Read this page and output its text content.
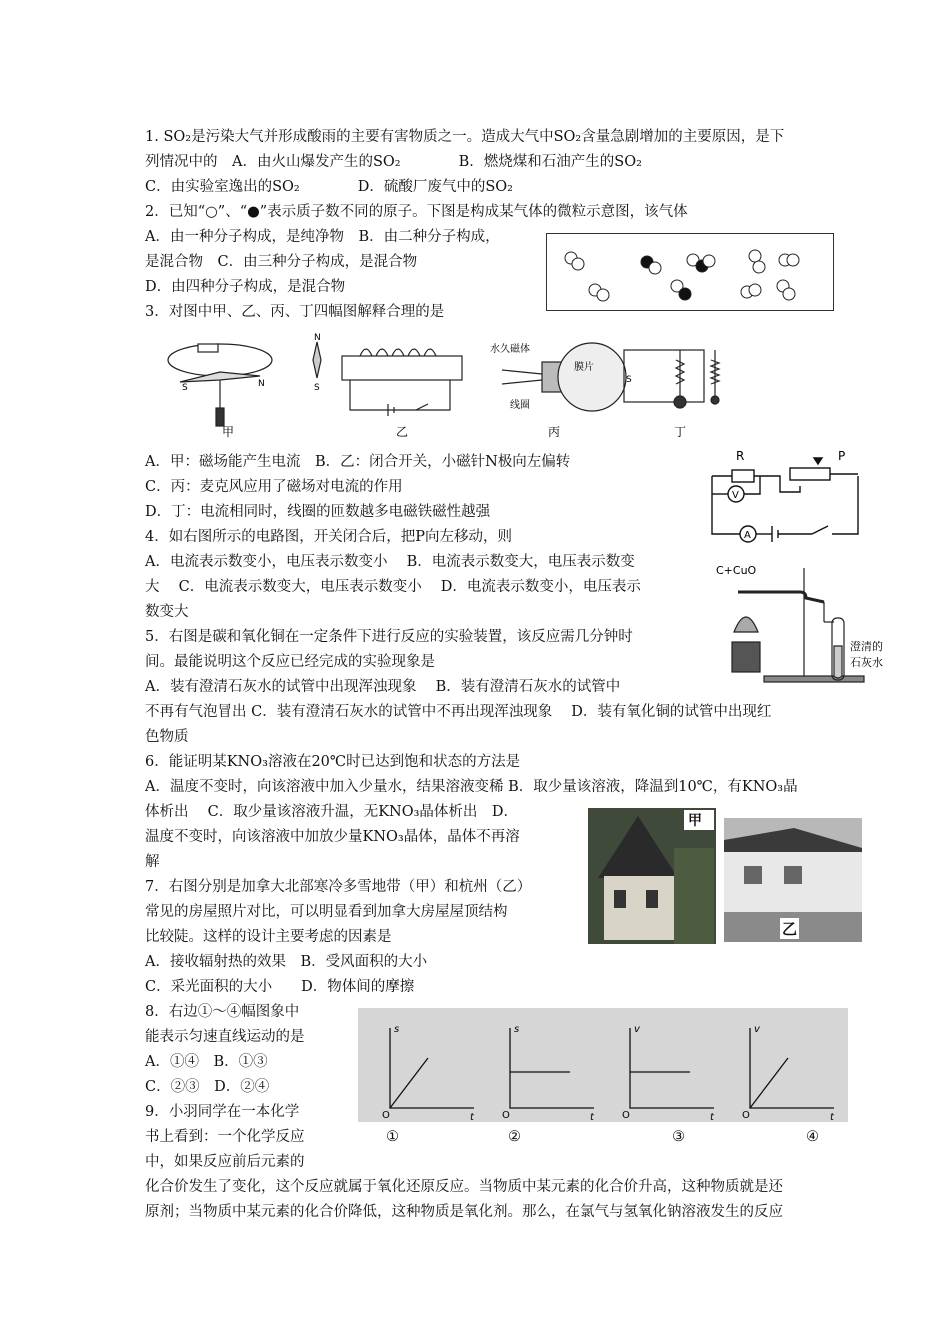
1. SO₂是污染大气并形成酸雨的主要有害物质之一。造成大气中SO₂含量急剧增加的主要原因，是下
列情况中的　A．由火山爆发产生的SO₂　　　　B．燃烧煤和石油产生的SO₂
C．由实验室逸出的SO₂　　　　D．硫酸厂废气中的SO₂
2．已知“○”、“●”表示质子数不同的原子。下图是构成某气体的微粒示意图，该气体
A．由一种分子构成，是纯净物　B．由二种分子构成，
是混合物　C．由三种分子构成，是混合物
D．由四种分子构成，是混合物
3．对图中甲、乙、丙、丁四幅图解释合理的是
S	N
甲
N
S
乙
水久磁体
膜片
线圈
丙
S
丁
A．甲：磁场能产生电流　B．乙：闭合开关，小磁针N极向左偏转
C．丙：麦克风应用了磁场对电流的作用
D．丁：电流相同时，线圈的匝数越多电磁铁磁性越强
R	P
V
A
4．如右图所示的电路图，开关闭合后，把P向左移动，则
A．电流表示数变小，电压表示数变小　 B．电流表示数变大，电压表示数变
大　 C．电流表示数变大，电压表示数变小　 D．电流表示数变小，电压表示
数变大
C+CuO
澄清的
石灰水
5．右图是碳和氧化铜在一定条件下进行反应的实验装置，该反应需几分钟时
间。最能说明这个反应已经完成的实验现象是
A．装有澄清石灰水的试管中出现浑浊现象　 B．装有澄清石灰水的试管中
不再有气泡冒出 C．装有澄清石灰水的试管中不再出现浑浊现象　 D．装有氧化铜的试管中出现红
色物质
6．能证明某KNO₃溶液在20℃时已达到饱和状态的方法是
A．温度不变时，向该溶液中加入少量水，结果溶液变稀 B．取少量该溶液，降温到10℃，有KNO₃晶
体析出　 C．取少量该溶液升温，无KNO₃晶体析出　D．
温度不变时，向该溶液中加放少量KNO₃晶体，晶体不再溶
解
甲
乙
7．右图分别是加拿大北部寒冷多雪地带（甲）和杭州（乙）
常见的房屋照片对比，可以明显看到加拿大房屋屋顶结构
比较陡。这样的设计主要考虑的因素是
A．接收辐射热的效果　B．受风面积的大小
C．采光面积的大小　　D．物体间的摩擦
8．右边①～④幅图象中
能表示匀速直线运动的是
A．①④　B．①③
C．②③　D．②④
s	s	v	v
t	t	t	t
O	O	O	O
①	②	③	④
9．小羽同学在一本化学
书上看到：一个化学反应
中，如果反应前后元素的
化合价发生了变化，这个反应就属于氧化还原反应。当物质中某元素的化合价升高，这种物质就是还
原剂；当物质中某元素的化合价降低，这种物质是氧化剂。那么，在氯气与氢氧化钠溶液发生的反应
